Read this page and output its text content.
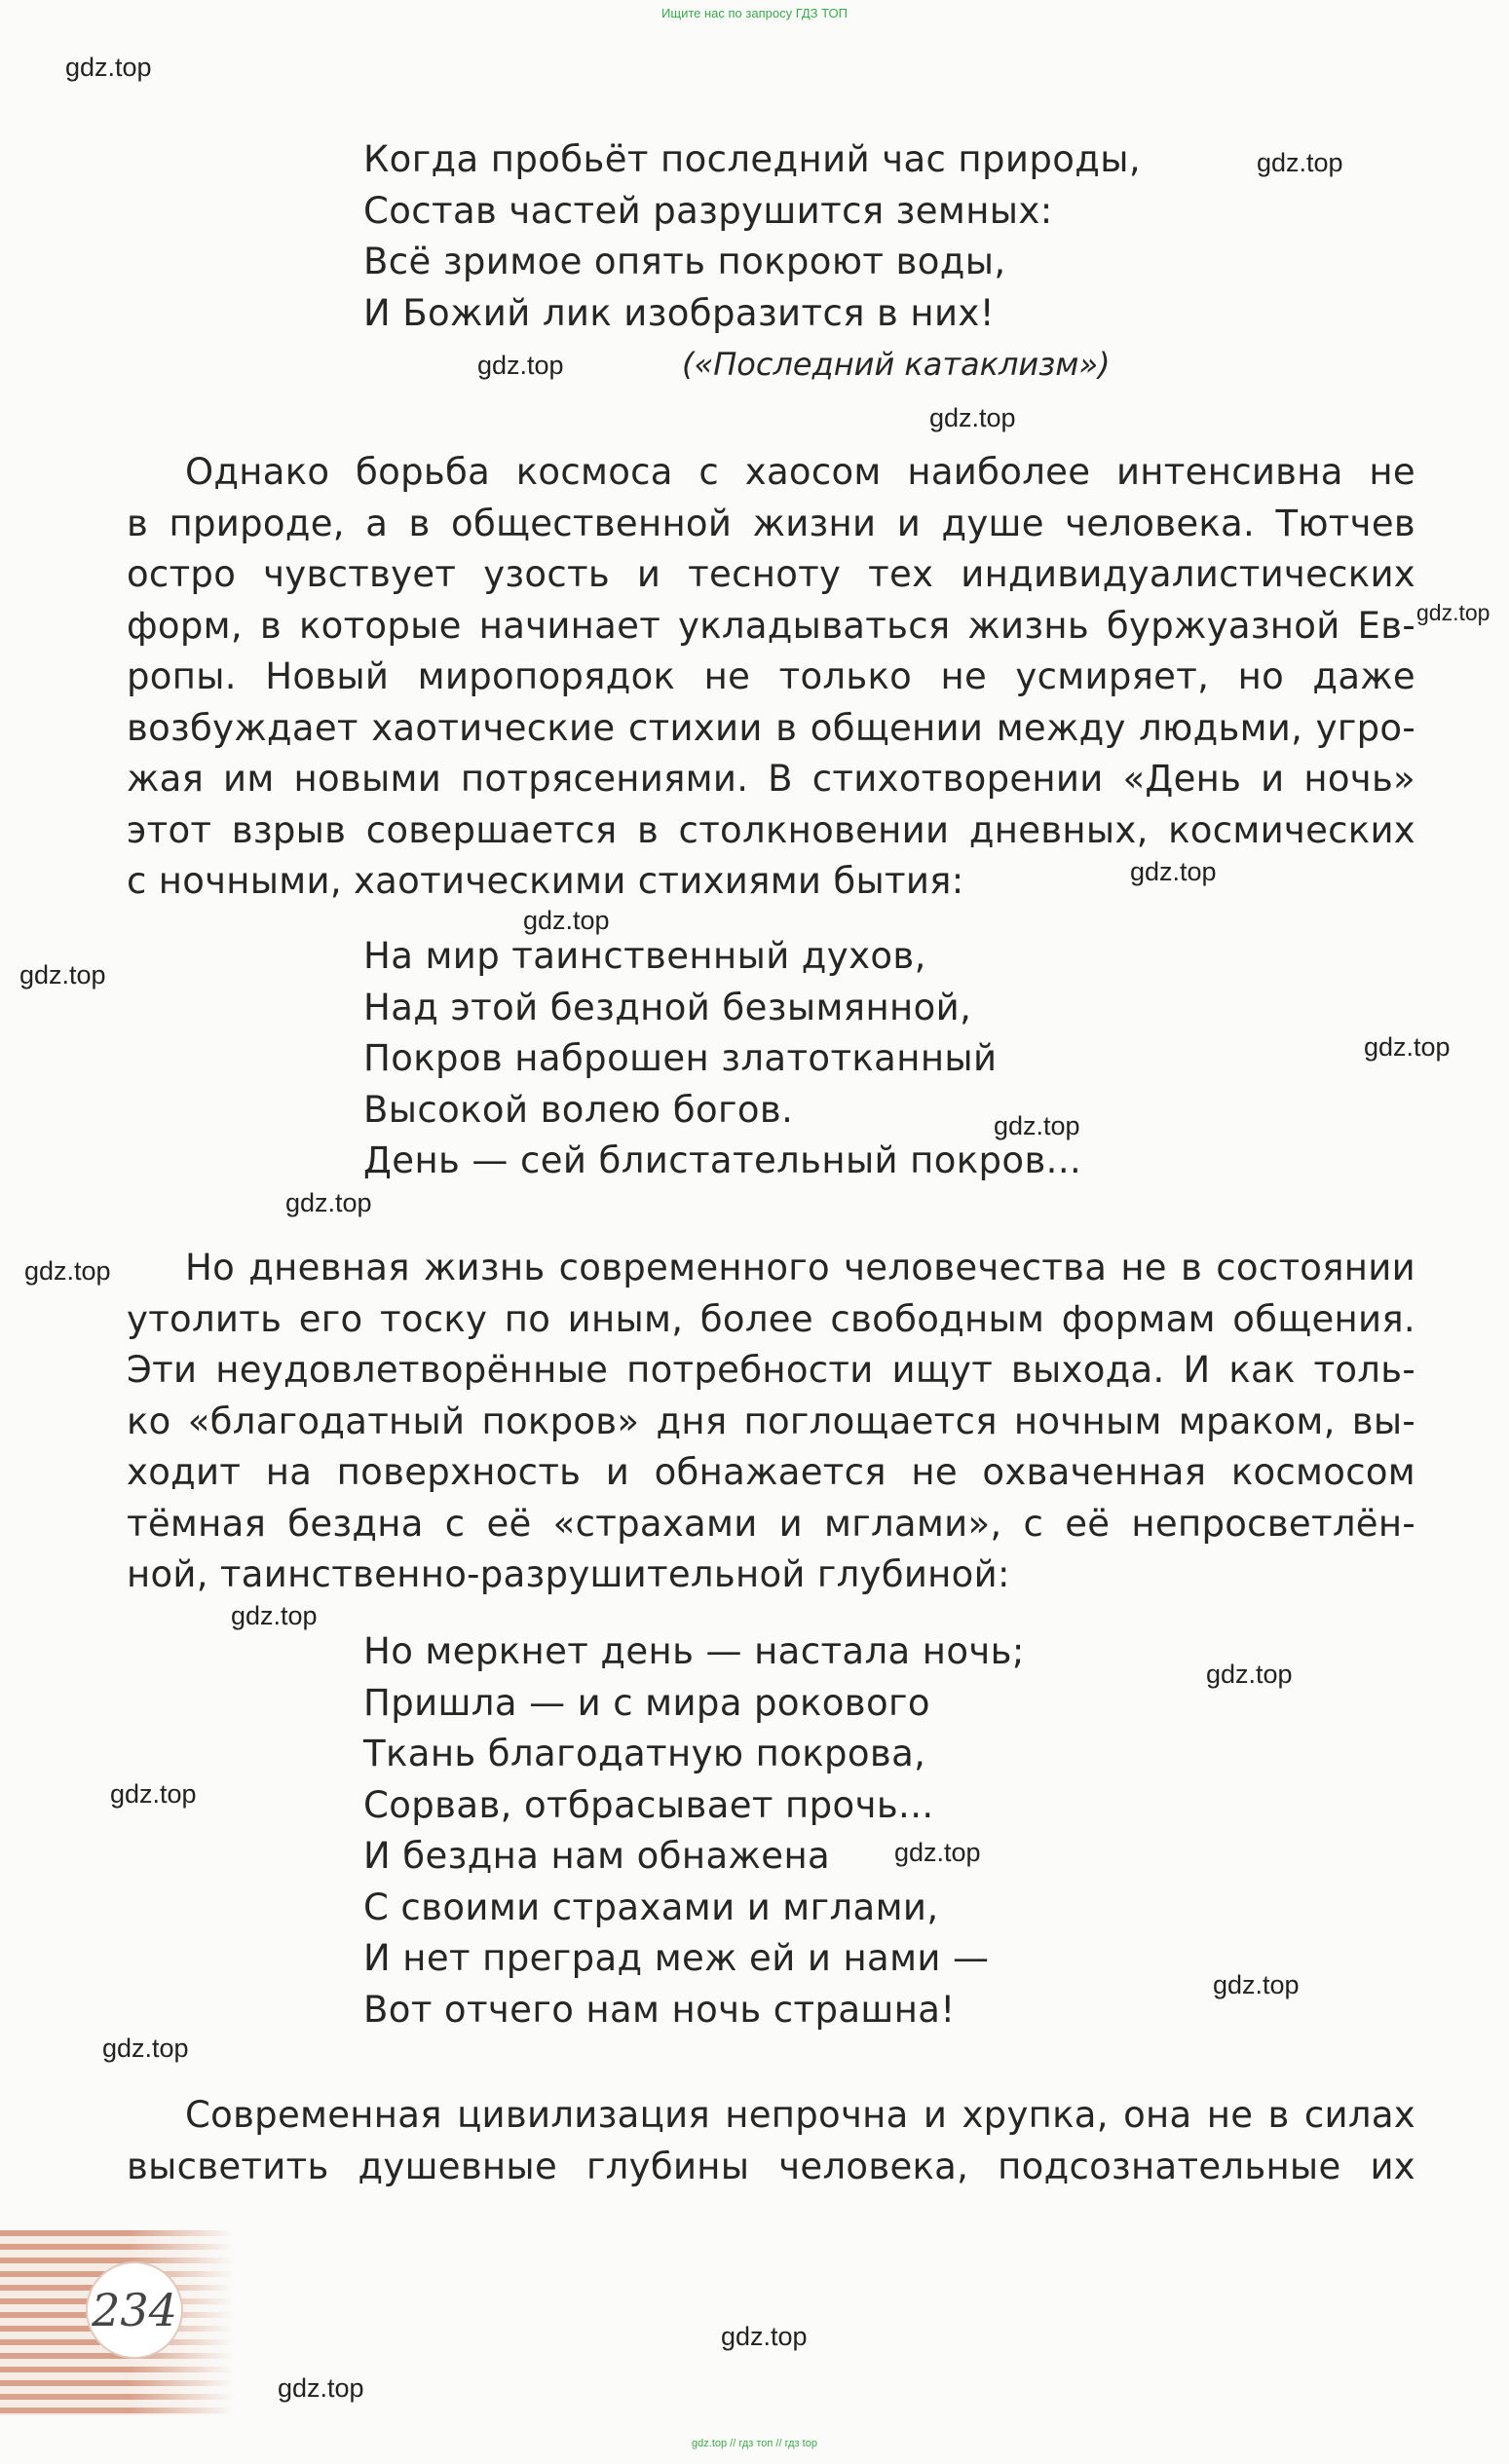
Ищите нас по запросу ГДЗ ТОП
Когда пробьёт последний час природы,
Состав частей разрушится земных:
Всё зримое опять покроют воды,
И Божий лик изобразится в них!
(«Последний катаклизм»)
Однако борьба космоса с хаосом наиболее интенсивна не
в природе, а в общественной жизни и душе человека. Тютчев
остро чувствует узость и тесноту тех индивидуалистических
форм, в которые начинает укладываться жизнь буржуазной Ев-
ропы. Новый миропорядок не только не усмиряет, но даже
возбуждает хаотические стихии в общении между людьми, угро-
жая им новыми потрясениями. В стихотворении «День и ночь»
этот взрыв совершается в столкновении дневных, космических
с ночными, хаотическими стихиями бытия:
На мир таинственный духов,
Над этой бездной безымянной,
Покров наброшен златотканный
Высокой волею богов.
День — сей блистательный покров...
Но дневная жизнь современного человечества не в состоянии
утолить его тоску по иным, более свободным формам общения.
Эти неудовлетворённые потребности ищут выхода. И как толь-
ко «благодатный покров» дня поглощается ночным мраком, вы-
ходит на поверхность и обнажается не охваченная космосом
тёмная бездна с её «страхами и мглами», с её непросветлён-
ной, таинственно-разрушительной глубиной:
Но меркнет день — настала ночь;
Пришла — и с мира рокового
Ткань благодатную покрова,
Сорвав, отбрасывает прочь...
И бездна нам обнажена
С своими страхами и мглами,
И нет преград меж ей и нами —
Вот отчего нам ночь страшна!
Современная цивилизация непрочна и хрупка, она не в силах
высветить душевные глубины человека, подсознательные их
234
gdz.top
gdz.top
gdz.top
gdz.top
gdz.top
gdz.top
gdz.top
gdz.top
gdz.top
gdz.top
gdz.top
gdz.top
gdz.top
gdz.top
gdz.top
gdz.top
gdz.top
gdz.top
gdz.top
gdz.top
gdz.top // гдз топ // гдз top
